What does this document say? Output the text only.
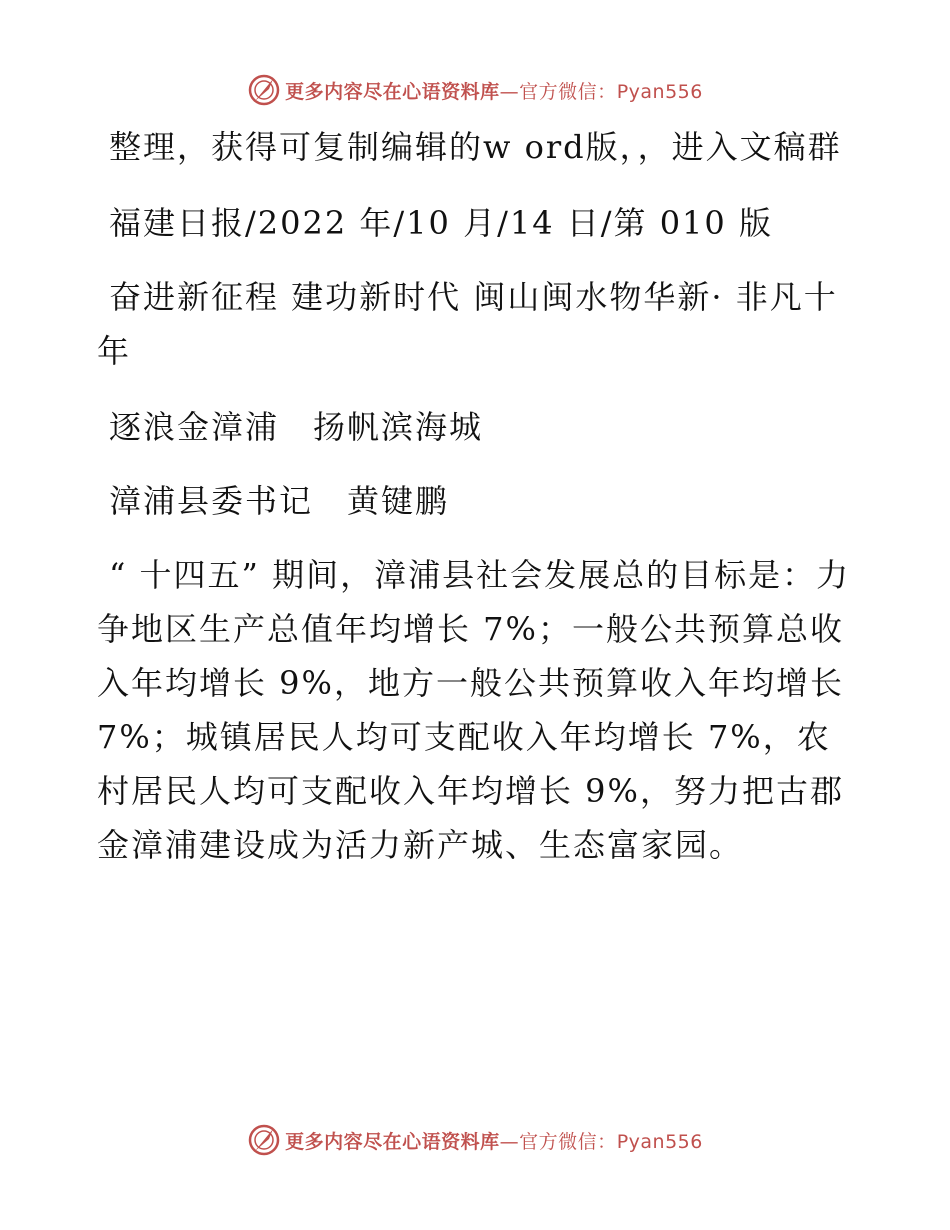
更多内容尽在心语资料库—官方微信：Pyan556

整理，获得可复制编辑的w ord版，，进入文稿群

福建日报/2022 年/10 月/14 日/第 010 版

奋进新征程 建功新时代 闽山闽水物华新· 非凡十年

逐浪金漳浦　扬帆滨海城

漳浦县委书记　黄键鹏

“ 十四五” 期间，漳浦县社会发展总的目标是：力争地区生产总值年均增长 7%；一般公共预算总收入年均增长 9%，地方一般公共预算收入年均增长 7%；城镇居民人均可支配收入年均增长 7%，农村居民人均可支配收入年均增长 9%，努力把古郡金漳浦建设成为活力新产城、生态富家园。

更多内容尽在心语资料库—官方微信：Pyan556
